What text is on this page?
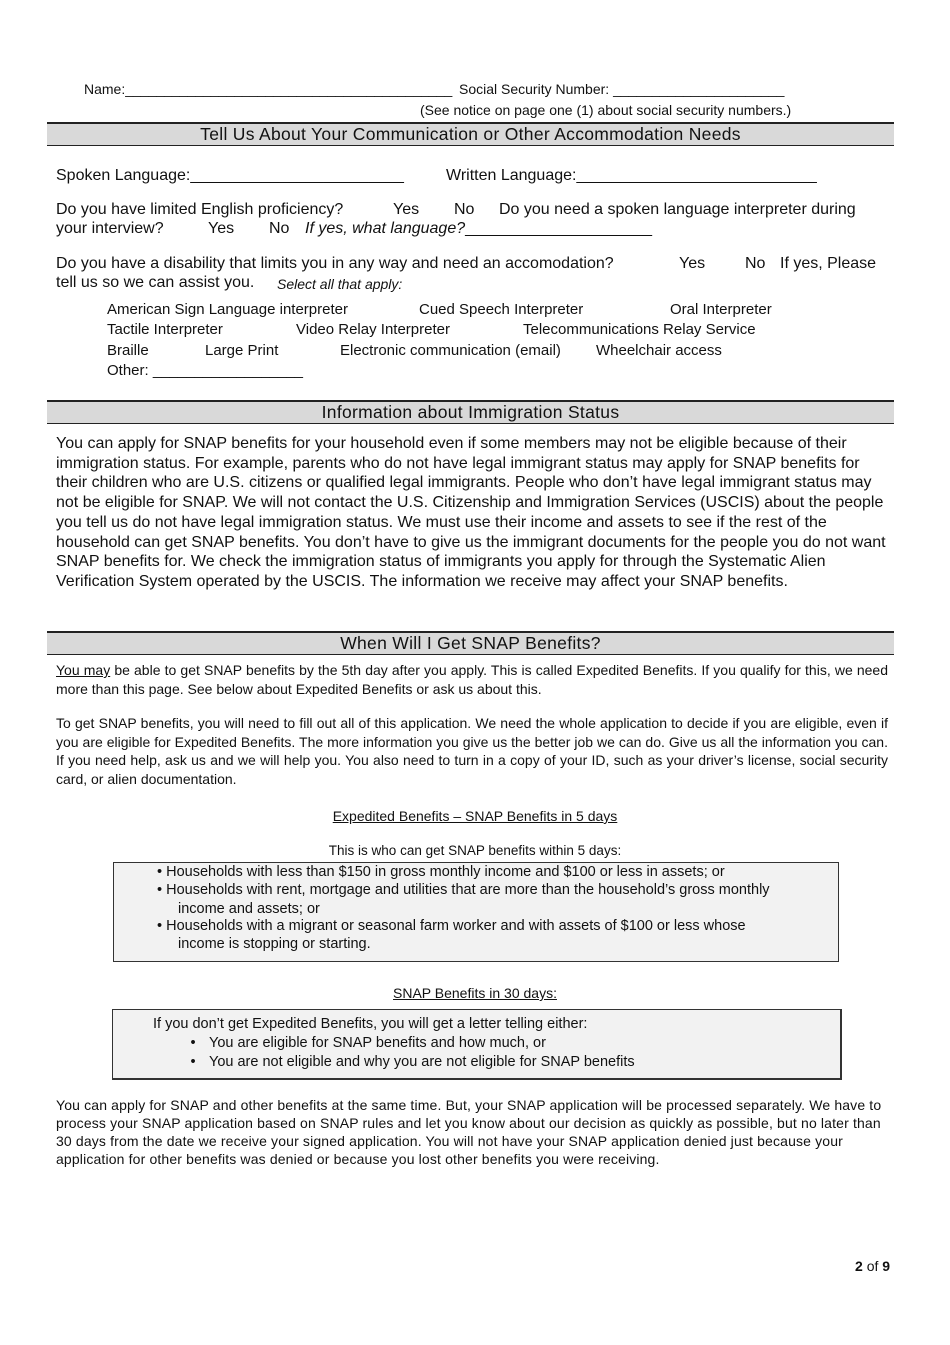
Name:__________________________________________ Social Security Number: ______________________
(See notice on page one (1) about social security numbers.)
Tell Us About Your Communication or Other Accommodation Needs
Spoken Language:________________________	Written Language:___________________________
Do you have limited English proficiency?	Yes No Do you need a spoken language interpreter during
your interview?	Yes No If yes, what language?_____________________
Do you have a disability that limits you in any way and need an accomodation?	Yes No If yes, Please
tell us so we can assist you. Select all that apply:
American Sign Language interpreter	Cued Speech Interpreter	Oral Interpreter
Tactile Interpreter	Video Relay Interpreter	Telecommunications Relay Service
Braille	Large Print	Electronic communication (email) Wheelchair access
Other: __________________
Information about Immigration Status
You can apply for SNAP benefits for your household even if some members may not be eligible because of their immigration status. For example, parents who do not have legal immigrant status may apply for SNAP benefits for their children who are U.S. citizens or qualified legal immigrants. People who don’t have legal immigrant status may not be eligible for SNAP. We will not contact the U.S. Citizenship and Immigration Services (USCIS) about the people you tell us do not have legal immigration status. We must use their income and assets to see if the rest of the household can get SNAP benefits. You don’t have to give us the immigrant documents for the people you do not want SNAP benefits for. We check the immigration status of immigrants you apply for through the Systematic Alien Verification System operated by the USCIS. The information we receive may affect your SNAP benefits.
When Will I Get SNAP Benefits?
You may be able to get SNAP benefits by the 5th day after you apply. This is called Expedited Benefits. If you qualify for this, we need more than this page. See below about Expedited Benefits or ask us about this.
To get SNAP benefits, you will need to fill out all of this application. We need the whole application to decide if you are eligible, even if you are eligible for Expedited Benefits. The more information you give us the better job we can do. Give us all the information you can. If you need help, ask us and we will help you. You also need to turn in a copy of your ID, such as your driver’s license, social security card, or alien documentation.
Expedited Benefits – SNAP Benefits in 5 days
This is who can get SNAP benefits within 5 days:
• Households with less than $150 in gross monthly income and $100 or less in assets; or
• Households with rent, mortgage and utilities that are more than the household’s gross monthly
income and assets; or
• Households with a migrant or seasonal farm worker and with assets of $100 or less whose
income is stopping or starting.
SNAP Benefits in 30 days:
If you don’t get Expedited Benefits, you will get a letter telling either:
• You are eligible for SNAP benefits and how much, or
• You are not eligible and why you are not eligible for SNAP benefits
You can apply for SNAP and other benefits at the same time. But, your SNAP application will be processed separately. We have to process your SNAP application based on SNAP rules and let you know about our decision as quickly as possible, but no later than 30 days from the date we receive your signed application. You will not have your SNAP application denied just because your application for other benefits was denied or because you lost other benefits you were receiving.
2 of 9
